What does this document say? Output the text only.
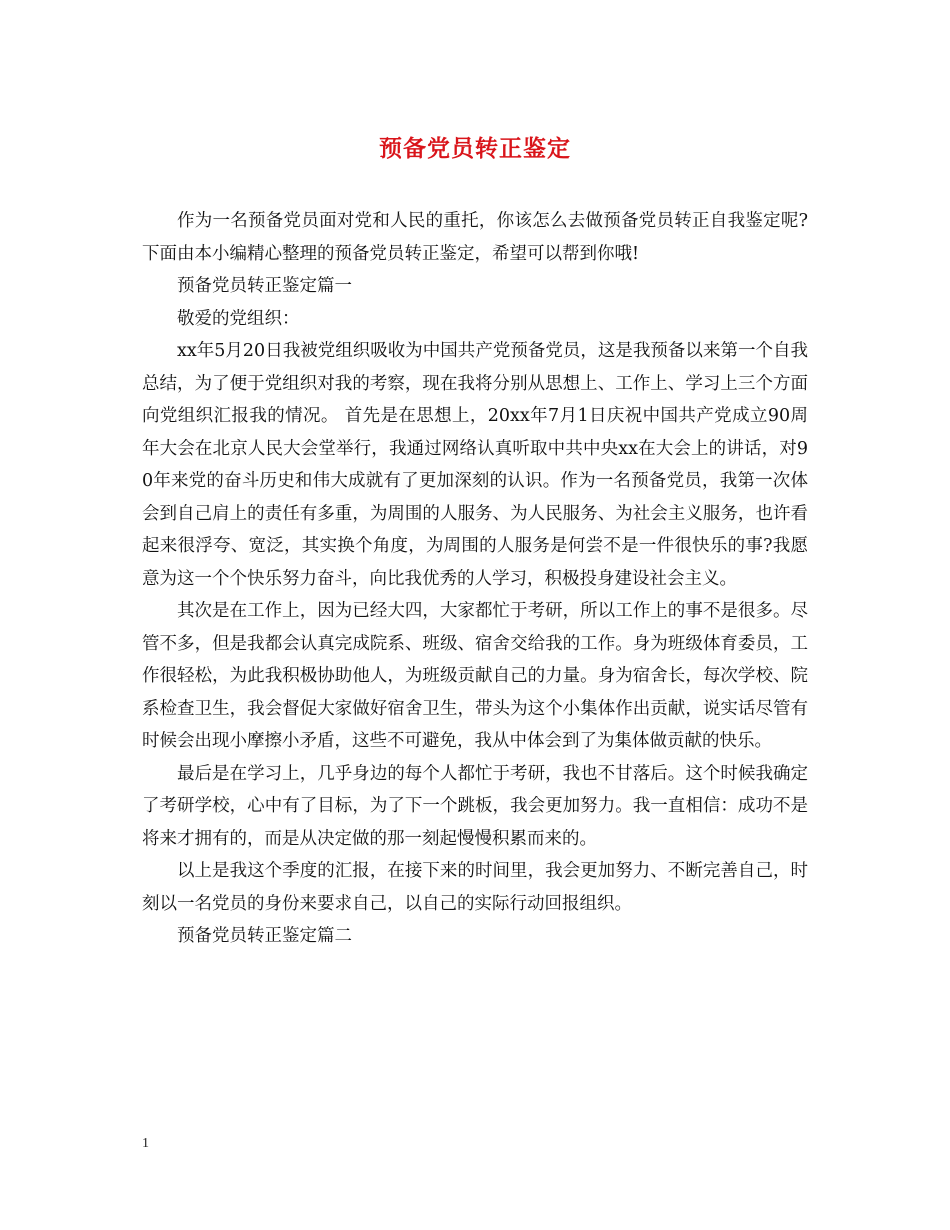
预备党员转正鉴定

作为一名预备党员面对党和人民的重托，你该怎么去做预备党员转正自我鉴定呢?下面由本小编精心整理的预备党员转正鉴定，希望可以帮到你哦!

预备党员转正鉴定篇一

敬爱的党组织：

xx年5月20日我被党组织吸收为中国共产党预备党员，这是我预备以来第一个自我总结，为了便于党组织对我的考察，现在我将分别从思想上、工作上、学习上三个方面向党组织汇报我的情况。 首先是在思想上，20xx年7月1日庆祝中国共产党成立90周年大会在北京人民大会堂举行，我通过网络认真听取中共中央xx在大会上的讲话，对90年来党的奋斗历史和伟大成就有了更加深刻的认识。作为一名预备党员，我第一次体会到自己肩上的责任有多重，为周围的人服务、为人民服务、为社会主义服务，也许看起来很浮夸、宽泛，其实换个角度，为周围的人服务是何尝不是一件很快乐的事?我愿意为这一个个快乐努力奋斗，向比我优秀的人学习，积极投身建设社会主义。

其次是在工作上，因为已经大四，大家都忙于考研，所以工作上的事不是很多。尽管不多，但是我都会认真完成院系、班级、宿舍交给我的工作。身为班级体育委员，工作很轻松，为此我积极协助他人，为班级贡献自己的力量。身为宿舍长，每次学校、院系检查卫生，我会督促大家做好宿舍卫生，带头为这个小集体作出贡献，说实话尽管有时候会出现小摩擦小矛盾，这些不可避免，我从中体会到了为集体做贡献的快乐。

最后是在学习上，几乎身边的每个人都忙于考研，我也不甘落后。这个时候我确定了考研学校，心中有了目标，为了下一个跳板，我会更加努力。我一直相信：成功不是将来才拥有的，而是从决定做的那一刻起慢慢积累而来的。

以上是我这个季度的汇报，在接下来的时间里，我会更加努力、不断完善自己，时刻以一名党员的身份来要求自己，以自己的实际行动回报组织。

预备党员转正鉴定篇二

1
